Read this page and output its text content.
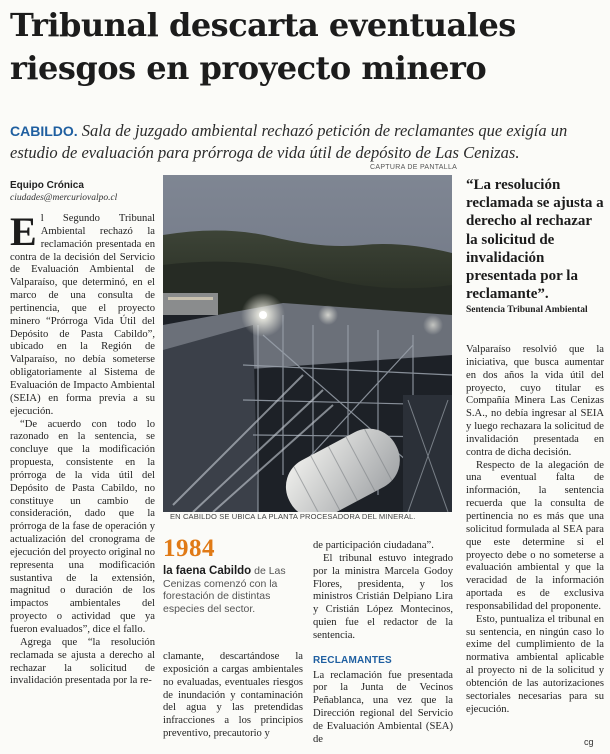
Tribunal descarta eventuales riesgos en proyecto minero
CABILDO. Sala de juzgado ambiental rechazó petición de reclamantes que exigía un estudio de evaluación para prórroga de vida útil de depósito de Las Cenizas.
Equipo Crónica
ciudades@mercuriovalpo.cl

El Segundo Tribunal Ambiental rechazó la reclamación presentada en contra de la decisión del Servicio de Evaluación Ambiental de Valparaíso, que determinó, en el marco de una consulta de pertinencia, que el proyecto minero “Prórroga Vida Útil del Depósito de Pasta Cabildo”, ubicado en la Región de Valparaíso, no debía someterse obligatoriamente al Sistema de Evaluación de Impacto Ambiental (SEIA) en forma previa a su ejecución.

“De acuerdo con todo lo razonado en la sentencia, se concluye que la modificación propuesta, consistente en la prórroga de la vida útil del Depósito de Pasta Cabildo, no constituye un cambio de consideración, dado que la prórroga de la fase de operación y actualización del cronograma de ejecución del proyecto original no representa una modificación sustantiva de la extensión, magnitud o duración de los impactos ambientales del proyecto o actividad que ya fueron evaluados”, dice el fallo.

Agrega que “la resolución reclamada se ajusta a derecho al rechazar la solicitud de invalidación presentada por la re-

CAPTURA DE PANTALLA
EN CABILDO SE UBICA LA PLANTA PROCESADORA DEL MINERAL.
1984
la faena Cabildo de Las Cenizas comenzó con la forestación de distintas especies del sector.

clamante, descartándose la exposición a cargas ambientales no evaluadas, eventuales riesgos de inundación y contaminación del agua y las pretendidas infracciones a los principios preventivo, precautorio y

de participación ciudadana”.

El tribunal estuvo integrado por la ministra Marcela Godoy Flores, presidenta, y los ministros Cristián Delpiano Lira y Cristián López Montecinos, quien fue el redactor de la sentencia.

RECLAMANTES

La reclamación fue presentada por la Junta de Vecinos Peñablanca, una vez que la Dirección regional del Servicio de Evaluación Ambiental (SEA) de

“La resolución reclamada se ajusta a derecho al rechazar la solicitud de invalidación presentada por la reclamante”.
Sentencia Tribunal Ambiental

Valparaíso resolvió que la iniciativa, que busca aumentar en dos años la vida útil del proyecto, cuyo titular es Compañía Minera Las Cenizas S.A., no debía ingresar al SEIA y luego rechazara la solicitud de invalidación presentada en contra de dicha decisión.

Respecto de la alegación de una eventual falta de información, la sentencia recuerda que la consulta de pertinencia no es más que una solicitud formulada al SEA para que este determine si el proyecto debe o no someterse a evaluación ambiental y que la veracidad de la información aportada es de exclusiva responsabilidad del proponente.

Esto, puntualiza el tribunal en su sentencia, en ningún caso lo exime del cumplimiento de la normativa ambiental aplicable al proyecto ni de la solicitud y obtención de las autorizaciones sectoriales necesarias para su ejecución.

cg
